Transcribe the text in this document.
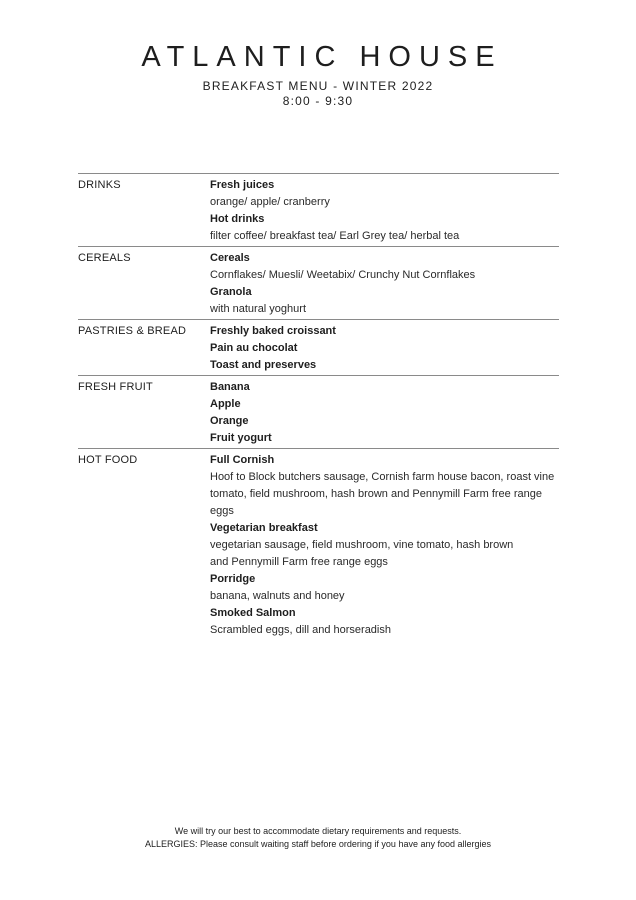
ATLANTIC HOUSE
BREAKFAST MENU - WINTER 2022
8:00 - 9:30
DRINKS	Fresh juices
orange/ apple/ cranberry
Hot drinks
filter coffee/ breakfast tea/ Earl Grey tea/ herbal tea
CEREALS	Cereals
Cornflakes/ Muesli/ Weetabix/ Crunchy Nut Cornflakes
Granola
with natural yoghurt
PASTRIES & BREAD	Freshly baked croissant
Pain au chocolat
Toast and preserves
FRESH FRUIT	Banana
Apple
Orange
Fruit yogurt
HOT FOOD	Full Cornish
Hoof to Block butchers sausage, Cornish farm house bacon, roast vine
tomato, field mushroom, hash brown and Pennymill Farm free range
eggs
Vegetarian breakfast
vegetarian sausage, field mushroom, vine tomato, hash brown
and Pennymill Farm free range eggs
Porridge
banana, walnuts and honey
Smoked Salmon
Scrambled eggs, dill and horseradish
We will try our best to accommodate dietary requirements and requests.
ALLERGIES: Please consult waiting staff before ordering if you have any food allergies
